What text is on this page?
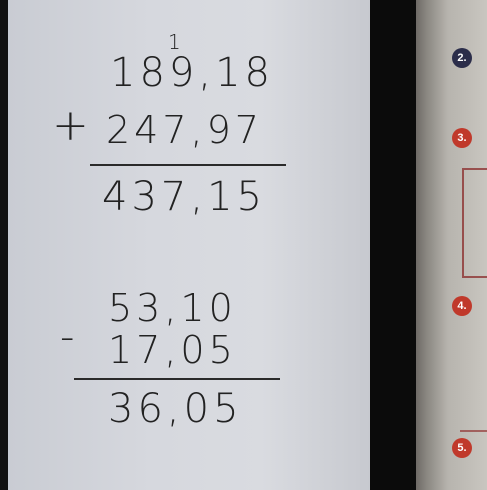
1
189,18
+ 247,97
437,15
53,10
- 17,05
36,05
2.
3.
4.
5.
